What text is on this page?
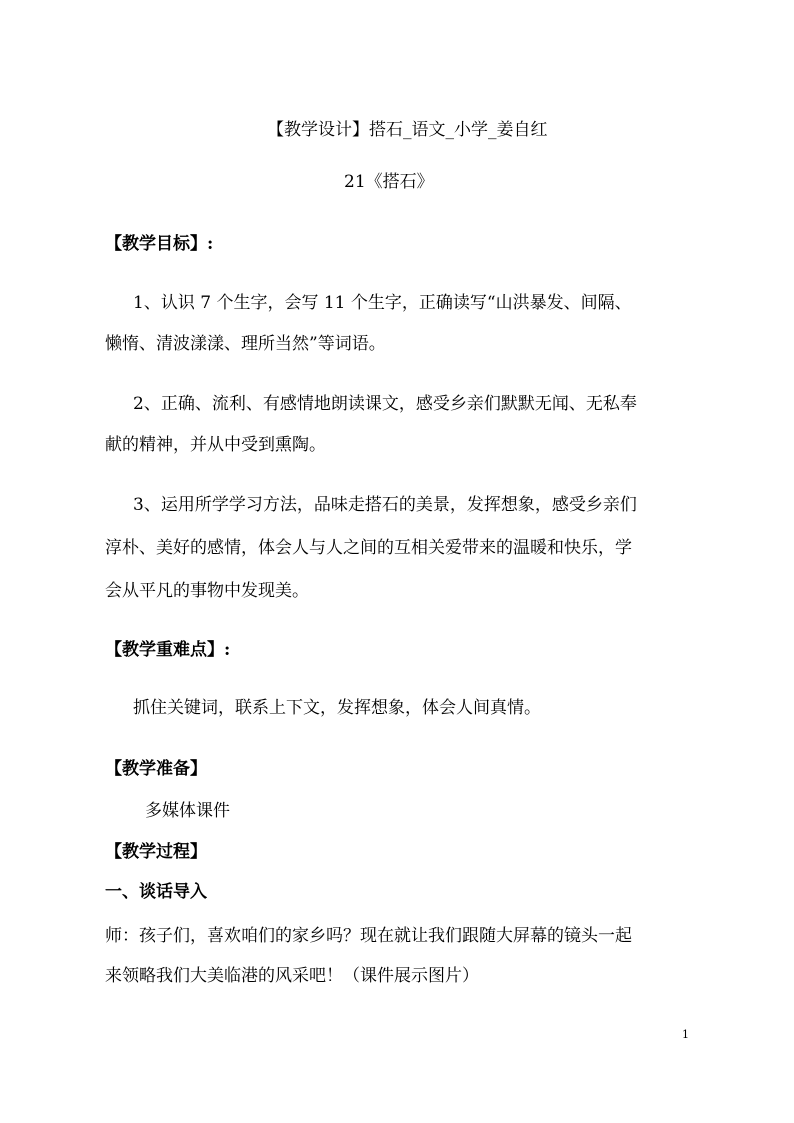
【教学设计】搭石_语文_小学_姜自红
21《搭石》
【教学目标】:
1、认识 7 个生字，会写 11 个生字，正确读写“山洪暴发、间隔、
懒惰、清波漾漾、理所当然”等词语。
2、正确、流利、有感情地朗读课文，感受乡亲们默默无闻、无私奉
献的精神，并从中受到熏陶。
3、运用所学学习方法，品味走搭石的美景，发挥想象，感受乡亲们
淳朴、美好的感情，体会人与人之间的互相关爱带来的温暖和快乐，学
会从平凡的事物中发现美。
【教学重难点】:
抓住关键词，联系上下文，发挥想象，体会人间真情。
【教学准备】
多媒体课件
【教学过程】
一、谈话导入
师：孩子们，喜欢咱们的家乡吗？现在就让我们跟随大屏幕的镜头一起
来领略我们大美临港的风采吧！（课件展示图片）
1
